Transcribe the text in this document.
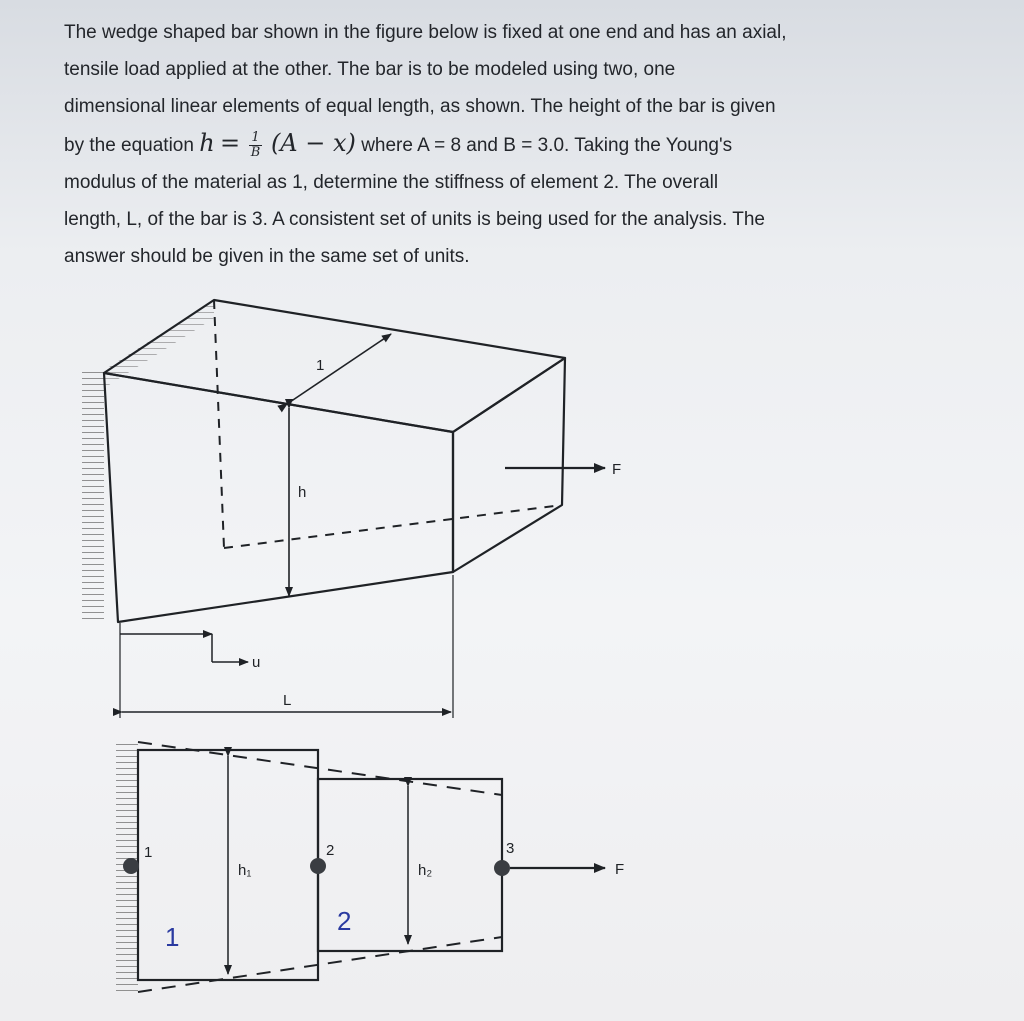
The wedge shaped bar shown in the figure below is fixed at one end and has an axial,
tensile load applied at the other. The bar is to be modeled using two, one
dimensional linear elements of equal length, as shown. The height of the bar is given
by the equation $h = \frac{1}{B} (A - x)$ where A = 8 and B = 3.0. Taking the Young's
modulus of the material as 1, determine the stiffness of element 2. The overall
length, L, of the bar is 3. A consistent set of units is being used for the analysis. The
answer should be given in the same set of units.
1
h
F
u
L
h₁	h₂
1	2	3
F
1
2
